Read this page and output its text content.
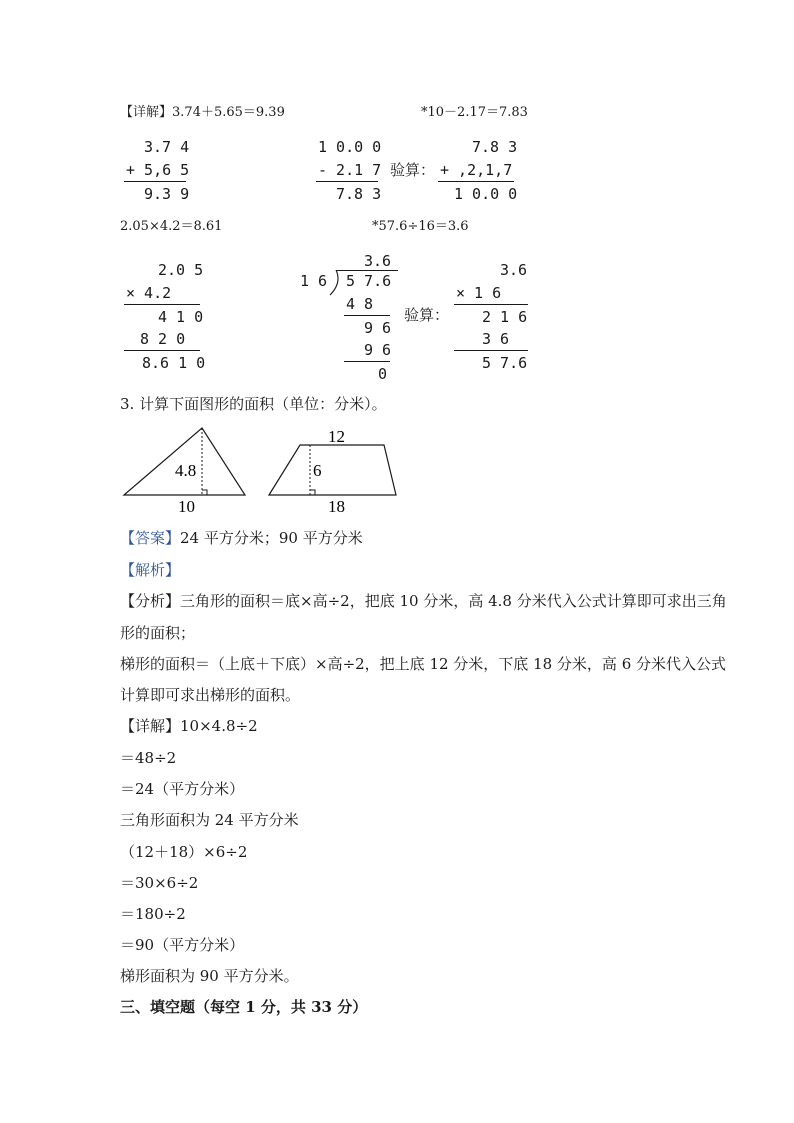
【详解】3.74＋5.65＝9.39	*10－2.17＝7.83
3.7 4
+ 5,6 5
9.3 9
1 0.0 0
- 2.1 7
7.8 3
验算：
7.8 3
+ ,2,1,7
1 0.0 0
2.05×4.2＝8.61	*57.6÷16＝3.6
2.0 5
× 4.2
4 1 0
8 2 0
8.6 1 0
3.6
1 6 5 7.6
4 8
9 6
9 6
0
验算：
3.6
× 1 6
2 1 6
3 6
5 7.6
3. 计算下面图形的面积（单位：分米）。
4.8
10
12
6
18
【答案】24 平方分米；90 平方分米
【解析】
【分析】三角形的面积＝底×高÷2，把底 10 分米，高 4.8 分米代入公式计算即可求出三角
形的面积；
梯形的面积＝（上底＋下底）×高÷2，把上底 12 分米，下底 18 分米，高 6 分米代入公式
计算即可求出梯形的面积。
【详解】10×4.8÷2
＝48÷2
＝24（平方分米）
三角形面积为 24 平方分米
（12＋18）×6÷2
＝30×6÷2
＝180÷2
＝90（平方分米）
梯形面积为 90 平方分米。
三、填空题（每空 1 分，共 33 分）
